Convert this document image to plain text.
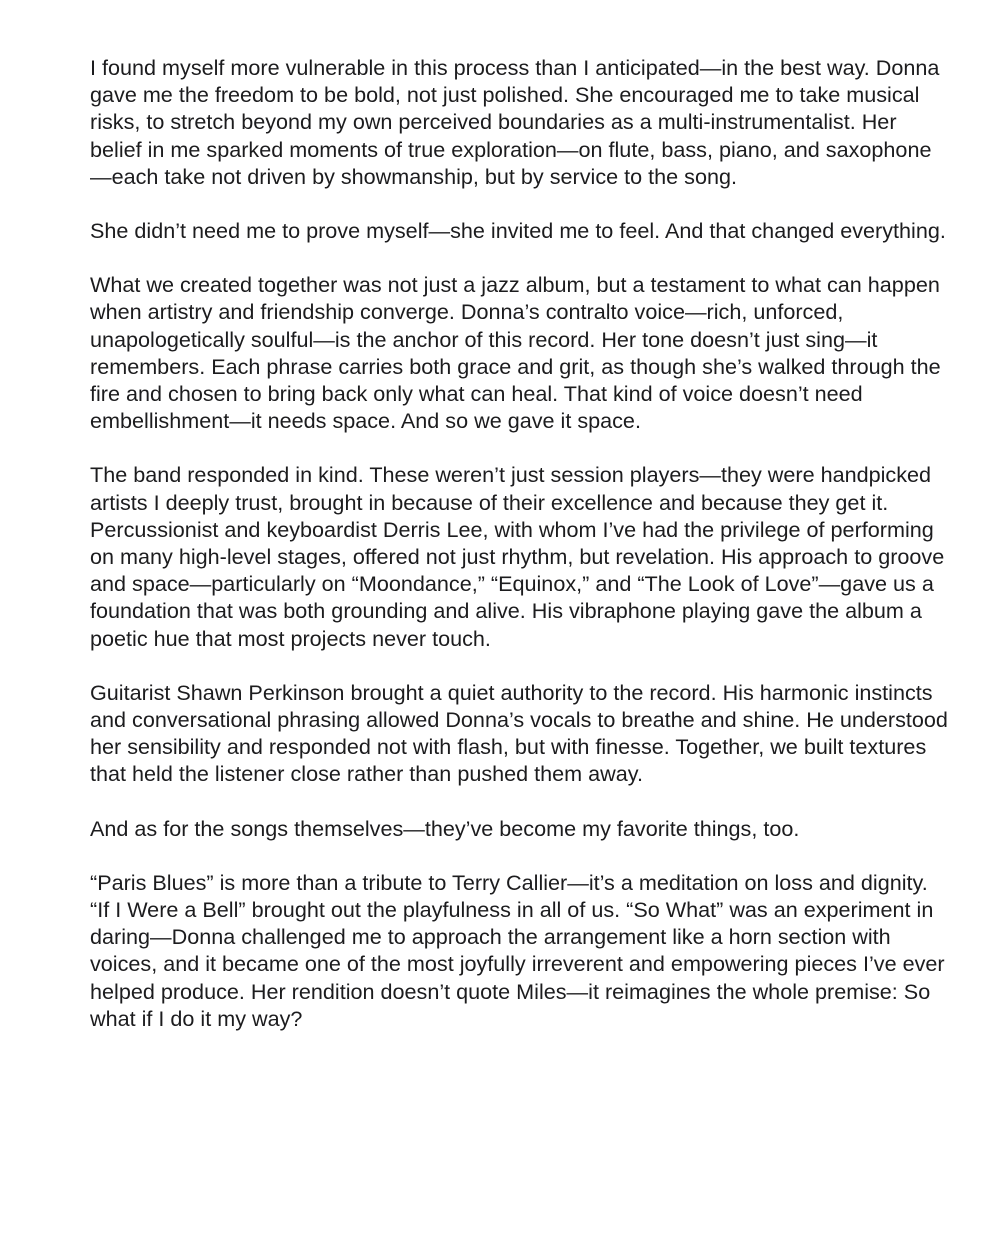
I found myself more vulnerable in this process than I anticipated—in the best way. Donna gave me the freedom to be bold, not just polished. She encouraged me to take musical risks, to stretch beyond my own perceived boundaries as a multi-instrumentalist. Her belief in me sparked moments of true exploration—on flute, bass, piano, and saxophone—each take not driven by showmanship, but by service to the song.

She didn’t need me to prove myself—she invited me to feel. And that changed everything.

What we created together was not just a jazz album, but a testament to what can happen when artistry and friendship converge. Donna’s contralto voice—rich, unforced, unapologetically soulful—is the anchor of this record. Her tone doesn’t just sing—it remembers. Each phrase carries both grace and grit, as though she’s walked through the fire and chosen to bring back only what can heal. That kind of voice doesn’t need embellishment—it needs space. And so we gave it space.

The band responded in kind. These weren’t just session players—they were handpicked artists I deeply trust, brought in because of their excellence and because they get it. Percussionist and keyboardist Derris Lee, with whom I’ve had the privilege of performing on many high-level stages, offered not just rhythm, but revelation. His approach to groove and space—particularly on “Moondance,” “Equinox,” and “The Look of Love”—gave us a foundation that was both grounding and alive. His vibraphone playing gave the album a poetic hue that most projects never touch.

Guitarist Shawn Perkinson brought a quiet authority to the record. His harmonic instincts and conversational phrasing allowed Donna’s vocals to breathe and shine. He understood her sensibility and responded not with flash, but with finesse. Together, we built textures that held the listener close rather than pushed them away.

And as for the songs themselves—they’ve become my favorite things, too.

“Paris Blues” is more than a tribute to Terry Callier—it’s a meditation on loss and dignity. “If I Were a Bell” brought out the playfulness in all of us. “So What” was an experiment in daring—Donna challenged me to approach the arrangement like a horn section with voices, and it became one of the most joyfully irreverent and empowering pieces I’ve ever helped produce. Her rendition doesn’t quote Miles—it reimagines the whole premise: So what if I do it my way?
